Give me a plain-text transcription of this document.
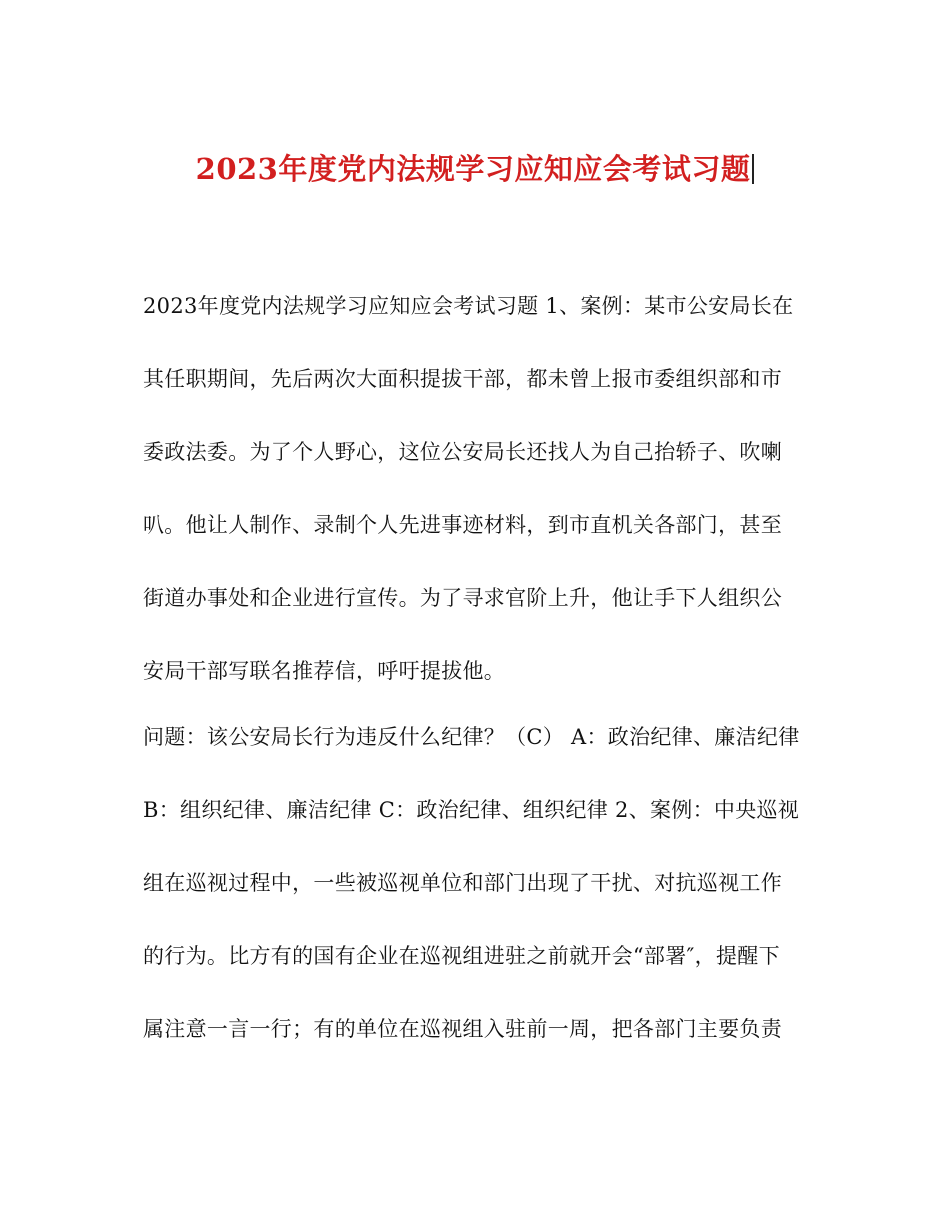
2023年度党内法规学习应知应会考试习题
2023年度党内法规学习应知应会考试习题 1、案例：某市公安局长在
其任职期间，先后两次大面积提拔干部，都未曾上报市委组织部和市
委政法委。为了个人野心，这位公安局长还找人为自己抬轿子、吹喇
叭。他让人制作、录制个人先进事迹材料，到市直机关各部门，甚至
街道办事处和企业进行宣传。为了寻求官阶上升，他让手下人组织公
安局干部写联名推荐信，呼吁提拔他。
问题：该公安局长行为违反什么纪律？（C） A：政治纪律、廉洁纪律
B：组织纪律、廉洁纪律 C：政治纪律、组织纪律 2、案例：中央巡视
组在巡视过程中，一些被巡视单位和部门出现了干扰、对抗巡视工作
的行为。比方有的国有企业在巡视组进驻之前就开会“部署″，提醒下
属注意一言一行；有的单位在巡视组入驻前一周，把各部门主要负责
